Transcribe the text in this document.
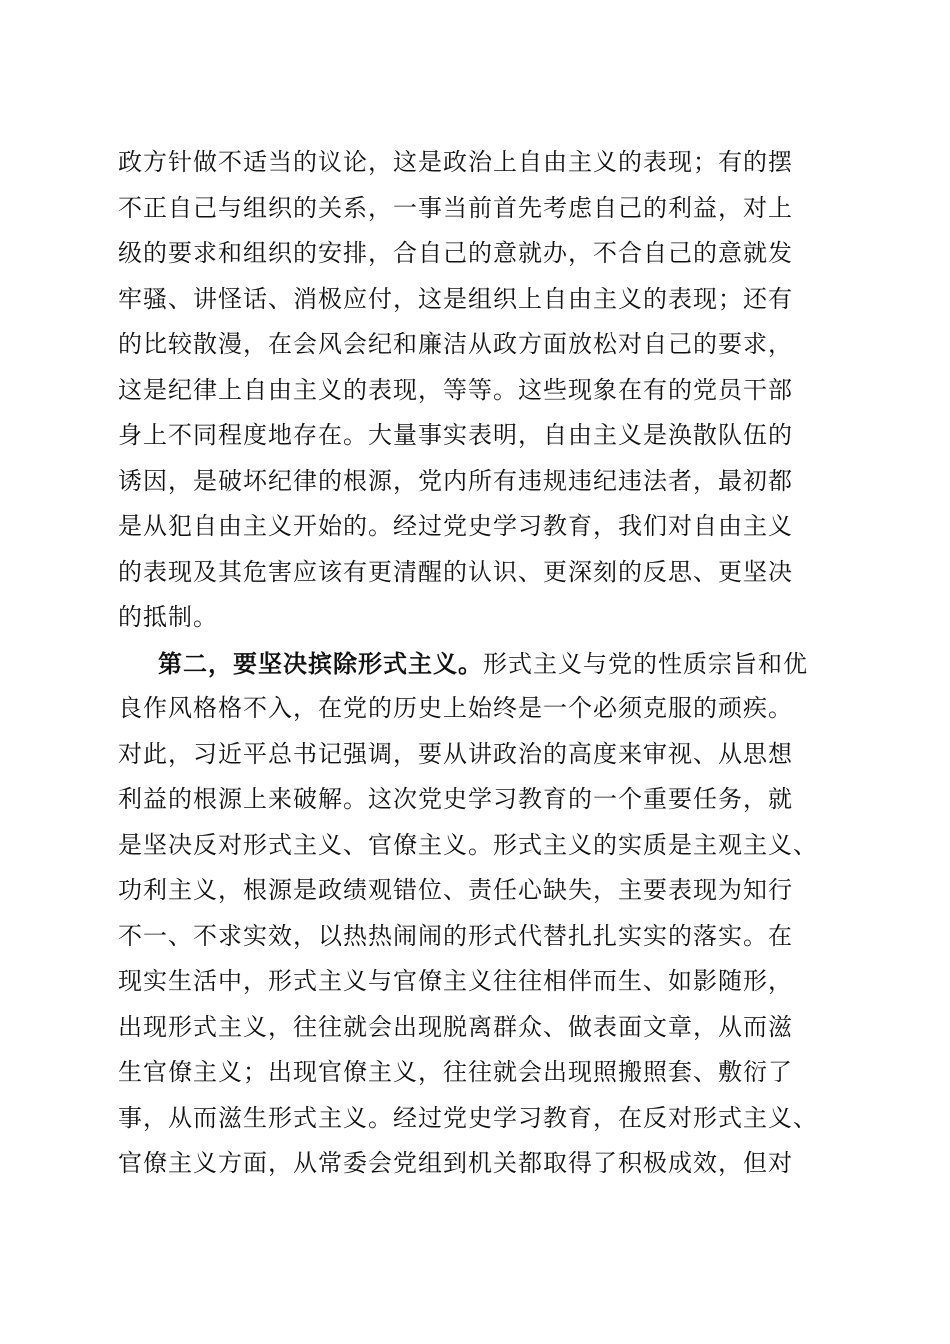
政方针做不适当的议论，这是政治上自由主义的表现；有的摆
不正自己与组织的关系，一事当前首先考虑自己的利益，对上
级的要求和组织的安排，合自己的意就办，不合自己的意就发
牢骚、讲怪话、消极应付，这是组织上自由主义的表现；还有
的比较散漫，在会风会纪和廉洁从政方面放松对自己的要求，
这是纪律上自由主义的表现，等等。这些现象在有的党员干部
身上不同程度地存在。大量事实表明，自由主义是涣散队伍的
诱因，是破坏纪律的根源，党内所有违规违纪违法者，最初都
是从犯自由主义开始的。经过党史学习教育，我们对自由主义
的表现及其危害应该有更清醒的认识、更深刻的反思、更坚决
的抵制。
第二，要坚决摈除形式主义。形式主义与党的性质宗旨和优
良作风格格不入，在党的历史上始终是一个必须克服的顽疾。
对此，习近平总书记强调，要从讲政治的高度来审视、从思想
利益的根源上来破解。这次党史学习教育的一个重要任务，就
是坚决反对形式主义、官僚主义。形式主义的实质是主观主义、
功利主义，根源是政绩观错位、责任心缺失，主要表现为知行
不一、不求实效，以热热闹闹的形式代替扎扎实实的落实。在
现实生活中，形式主义与官僚主义往往相伴而生、如影随形，
出现形式主义，往往就会出现脱离群众、做表面文章，从而滋
生官僚主义；出现官僚主义，往往就会出现照搬照套、敷衍了
事，从而滋生形式主义。经过党史学习教育，在反对形式主义、
官僚主义方面，从常委会党组到机关都取得了积极成效，但对
